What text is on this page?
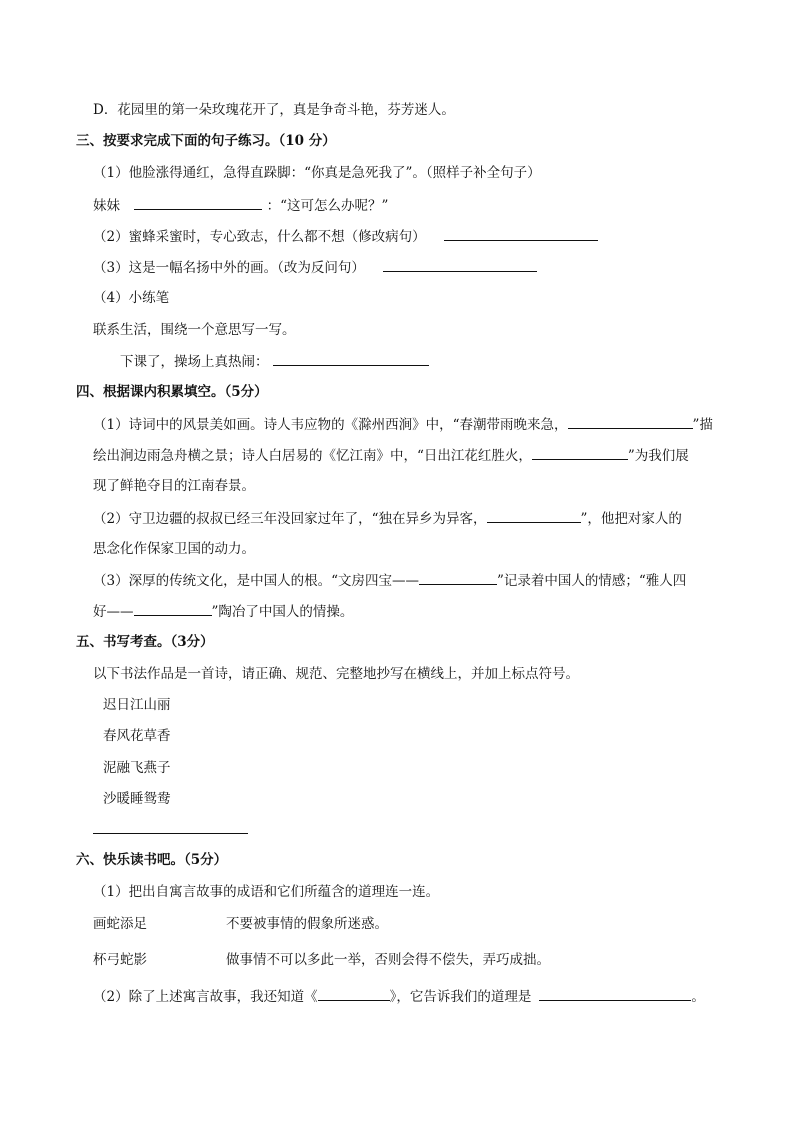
D．花园里的第一朵玫瑰花开了，真是争奇斗艳，芬芳迷人。
三、按要求完成下面的句子练习。（10 分）
（1）他脸涨得通红，急得直跺脚：“你真是急死我了”。（照样子补全句子）
妹妹	：“这可怎么办呢？”
（2）蜜蜂采蜜时，专心致志，什么都不想（修改病句）
（3）这是一幅名扬中外的画。（改为反问句）
（4）小练笔
联系生活，围绕一个意思写一写。
下课了，操场上真热闹：
四、根据课内积累填空。（5分）
（1）诗词中的风景美如画。诗人韦应物的《滁州西涧》中，“春潮带雨晚来急，	”描
绘出涧边雨急舟横之景；诗人白居易的《忆江南》中，“日出江花红胜火，	”为我们展
现了鲜艳夺目的江南春景。
（2）守卫边疆的叔叔已经三年没回家过年了，“独在异乡为异客，	”，他把对家人的
思念化作保家卫国的动力。
（3）深厚的传统文化，是中国人的根。“文房四宝——	”记录着中国人的情感；“雅人四
好——	”陶冶了中国人的情操。
五、书写考查。（3分）
以下书法作品是一首诗，请正确、规范、完整地抄写在横线上，并加上标点符号。
迟日江山丽
春风花草香
泥融飞燕子
沙暖睡鸳鸯
六、快乐读书吧。（5分）
（1）把出自寓言故事的成语和它们所蕴含的道理连一连。
画蛇添足	不要被事情的假象所迷惑。
杯弓蛇影	做事情不可以多此一举，否则会得不偿失，弄巧成拙。
（2）除了上述寓言故事，我还知道《	》，它告诉我们的道理是	。
